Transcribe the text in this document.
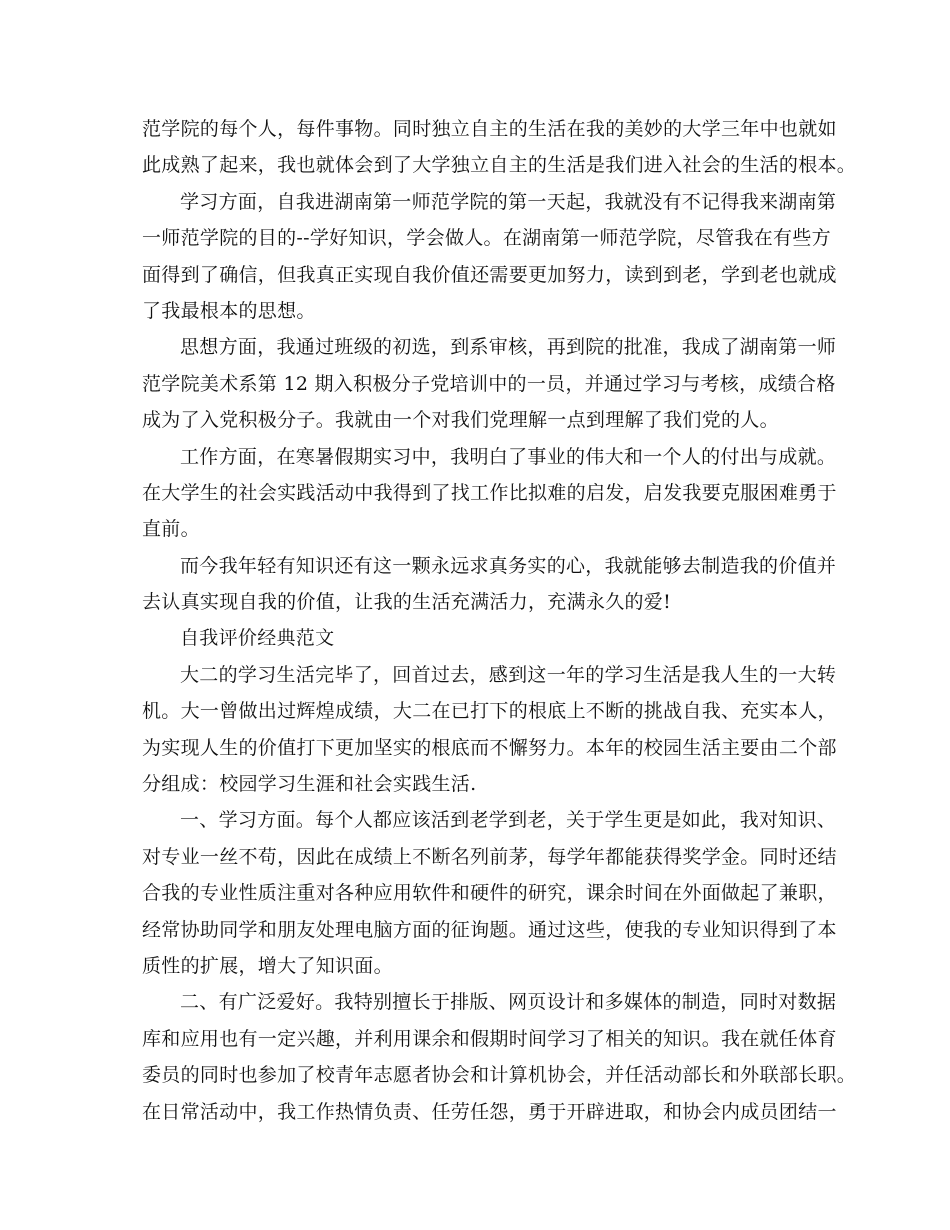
范学院的每个人，每件事物。同时独立自主的生活在我的美妙的大学三年中也就如
此成熟了起来，我也就体会到了大学独立自主的生活是我们进入社会的生活的根本。
学习方面，自我进湖南第一师范学院的第一天起，我就没有不记得我来湖南第
一师范学院的目的--学好知识，学会做人。在湖南第一师范学院，尽管我在有些方
面得到了确信，但我真正实现自我价值还需要更加努力，读到到老，学到老也就成
了我最根本的思想。
思想方面，我通过班级的初选，到系审核，再到院的批准，我成了湖南第一师
范学院美术系第 12 期入积极分子党培训中的一员，并通过学习与考核，成绩合格
成为了入党积极分子。我就由一个对我们党理解一点到理解了我们党的人。
工作方面，在寒暑假期实习中，我明白了事业的伟大和一个人的付出与成就。
在大学生的社会实践活动中我得到了找工作比拟难的启发，启发我要克服困难勇于
直前。
而今我年轻有知识还有这一颗永远求真务实的心，我就能够去制造我的价值并
去认真实现自我的价值，让我的生活充满活力，充满永久的爱!
自我评价经典范文
大二的学习生活完毕了，回首过去，感到这一年的学习生活是我人生的一大转
机。大一曾做出过辉煌成绩，大二在已打下的根底上不断的挑战自我、充实本人，
为实现人生的价值打下更加坚实的根底而不懈努力。本年的校园生活主要由二个部
分组成：校园学习生涯和社会实践生活.
一、学习方面。每个人都应该活到老学到老，关于学生更是如此，我对知识、
对专业一丝不苟，因此在成绩上不断名列前茅，每学年都能获得奖学金。同时还结
合我的专业性质注重对各种应用软件和硬件的研究，课余时间在外面做起了兼职，
经常协助同学和朋友处理电脑方面的征询题。通过这些，使我的专业知识得到了本
质性的扩展，增大了知识面。
二、有广泛爱好。我特别擅长于排版、网页设计和多媒体的制造，同时对数据
库和应用也有一定兴趣，并利用课余和假期时间学习了相关的知识。我在就任体育
委员的同时也参加了校青年志愿者协会和计算机协会，并任活动部长和外联部长职。
在日常活动中，我工作热情负责、任劳任怨，勇于开辟进取，和协会内成员团结一
